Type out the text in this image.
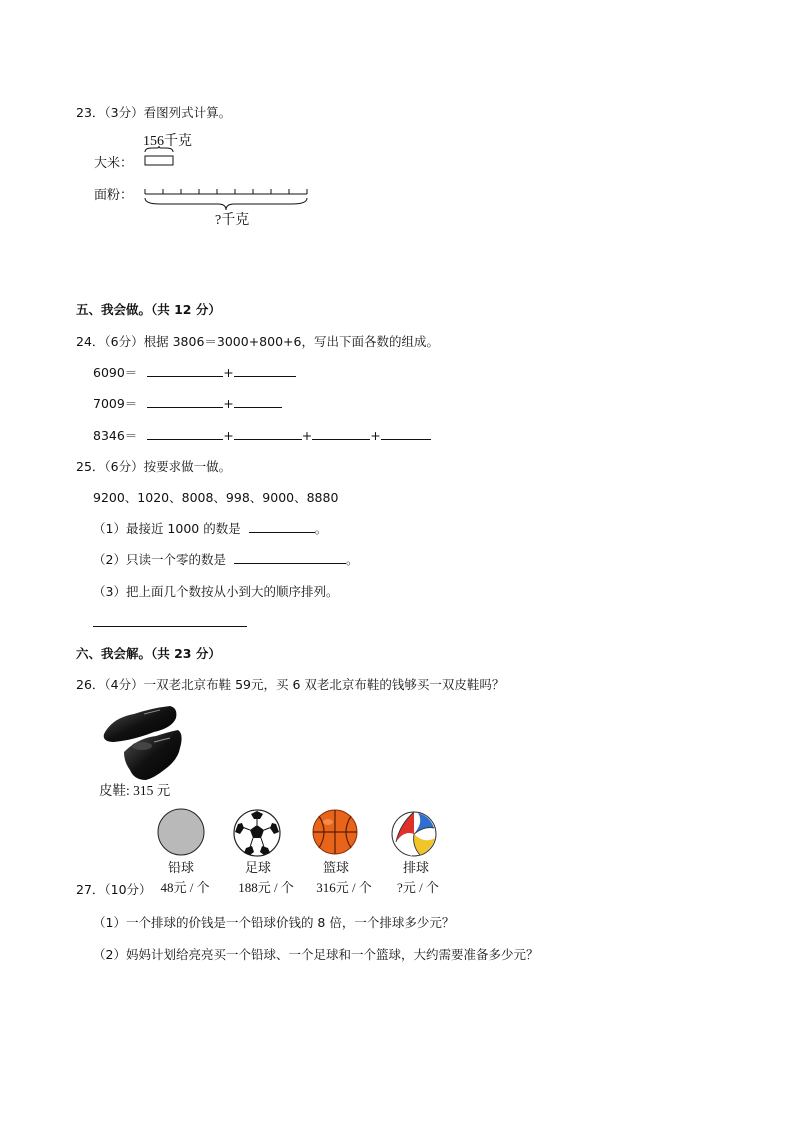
23．（3分）看图列式计算。
156千克
大米：
面粉：
?千克
五、我会做。（共 12 分）
24．（6分）根据 3806＝3000+800+6，写出下面各数的组成。
6090＝	+
7009＝	+
8346＝	+	+	+
25．（6分）按要求做一做。
9200、1020、8008、998、9000、8880
（1）最接近 1000 的数是	。
（2）只读一个零的数是	。
（3）把上面几个数按从小到大的顺序排列。
六、我会解。（共 23 分）
26．（4分）一双老北京布鞋 59元，买 6 双老北京布鞋的钱够买一双皮鞋吗？
皮鞋: 315 元
铅球	足球	篮球	排球
27．（10分） 48元 / 个	188元 / 个	316元 / 个	?元 / 个
（1）一个排球的价钱是一个铅球价钱的 8 倍，一个排球多少元？
（2）妈妈计划给亮亮买一个铅球、一个足球和一个篮球，大约需要准备多少元？
